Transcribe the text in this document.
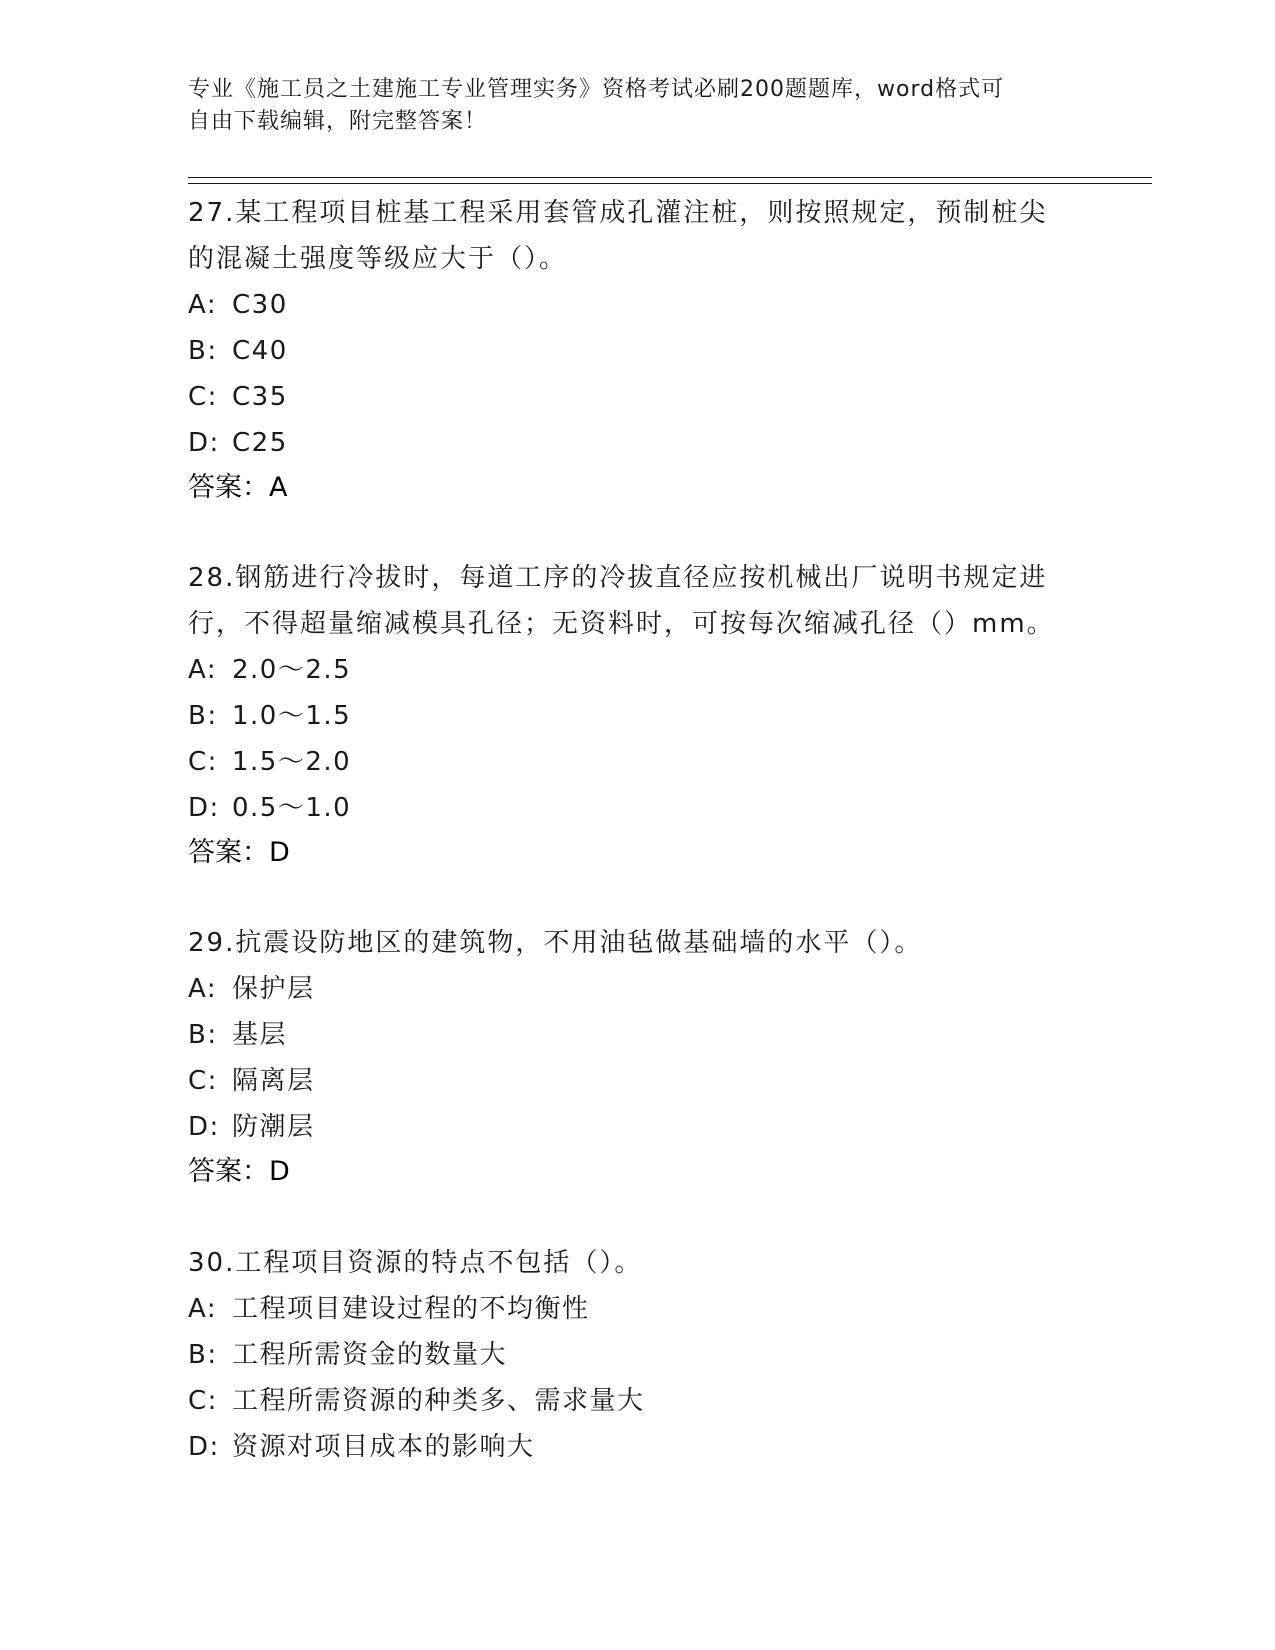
专业《施工员之土建施工专业管理实务》资格考试必刷200题题库，word格式可
自由下载编辑，附完整答案！
27.某工程项目桩基工程采用套管成孔灌注桩，则按照规定，预制桩尖
的混凝土强度等级应大于（）。
A: C30
B: C40
C: C35
D: C25
答案：A
28.钢筋进行冷拔时，每道工序的冷拔直径应按机械出厂说明书规定进
行，不得超量缩减模具孔径；无资料时，可按每次缩减孔径（）mm。
A: 2.0～2.5
B: 1.0～1.5
C: 1.5～2.0
D: 0.5～1.0
答案：D
29.抗震设防地区的建筑物，不用油毡做基础墙的水平（）。
A: 保护层
B: 基层
C: 隔离层
D: 防潮层
答案：D
30.工程项目资源的特点不包括（）。
A: 工程项目建设过程的不均衡性
B: 工程所需资金的数量大
C: 工程所需资源的种类多、需求量大
D: 资源对项目成本的影响大
